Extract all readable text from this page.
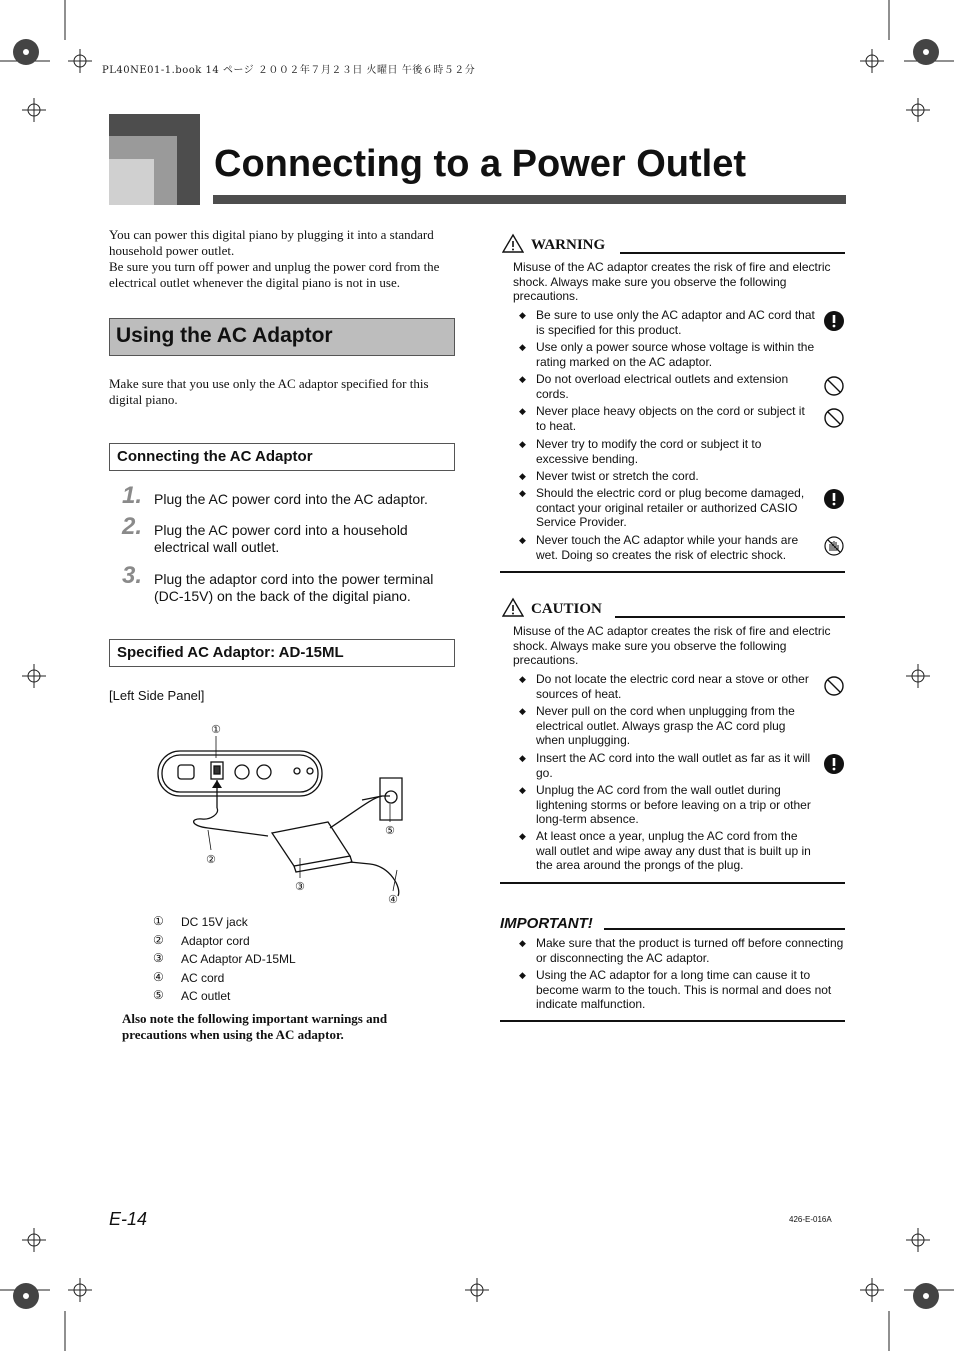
PL40NE01-1.book 14 ページ ２００２年７月２３日 火曜日 午後６時５２分
Connecting to a Power Outlet
You can power this digital piano by plugging it into a standard household power outlet.
Be sure you turn off power and unplug the power cord from the electrical outlet whenever the digital piano is not in use.
Using the AC Adaptor
Make sure that you use only the AC adaptor specified for this digital piano.
Connecting the AC Adaptor
1. Plug the AC power cord into the AC adaptor.
2. Plug the AC power cord into a household electrical wall outlet.
3. Plug the adaptor cord into the power terminal (DC-15V) on the back of the digital piano.
Specified AC Adaptor: AD-15ML
[Left Side Panel]
①
②
③
④
⑤
① DC 15V jack
② Adaptor cord
③ AC Adaptor AD-15ML
④ AC cord
⑤ AC outlet
Also note the following important warnings and precautions when using the AC adaptor.
WARNING
Misuse of the AC adaptor creates the risk of fire and electric shock. Always make sure you observe the following precautions.
◆ Be sure to use only the AC adaptor and AC cord that is specified for this product.
◆ Use only a power source whose voltage is within the rating marked on the AC adaptor.
◆ Do not overload electrical outlets and extension cords.
◆ Never place heavy objects on the cord or subject it to heat.
◆ Never try to modify the cord or subject it to excessive bending.
◆ Never twist or stretch the cord.
◆ Should the electric cord or plug become damaged, contact your original retailer or authorized CASIO Service Provider.
◆ Never touch the AC adaptor while your hands are wet. Doing so creates the risk of electric shock.
CAUTION
Misuse of the AC adaptor creates the risk of fire and electric shock. Always make sure you observe the following precautions.
◆ Do not locate the electric cord near a stove or other sources of heat.
◆ Never pull on the cord when unplugging from the electrical outlet. Always grasp the AC cord plug when unplugging.
◆ Insert the AC cord into the wall outlet as far as it will go.
◆ Unplug the AC cord from the wall outlet during lightening storms or before leaving on a trip or other long-term absence.
◆ At least once a year, unplug the AC cord from the wall outlet and wipe away any dust that is built up in the area around the prongs of the plug.
IMPORTANT!
◆ Make sure that the product is turned off before connecting or disconnecting the AC adaptor.
◆ Using the AC adaptor for a long time can cause it to become warm to the touch. This is normal and does not indicate malfunction.
E-14	426-E-016A
